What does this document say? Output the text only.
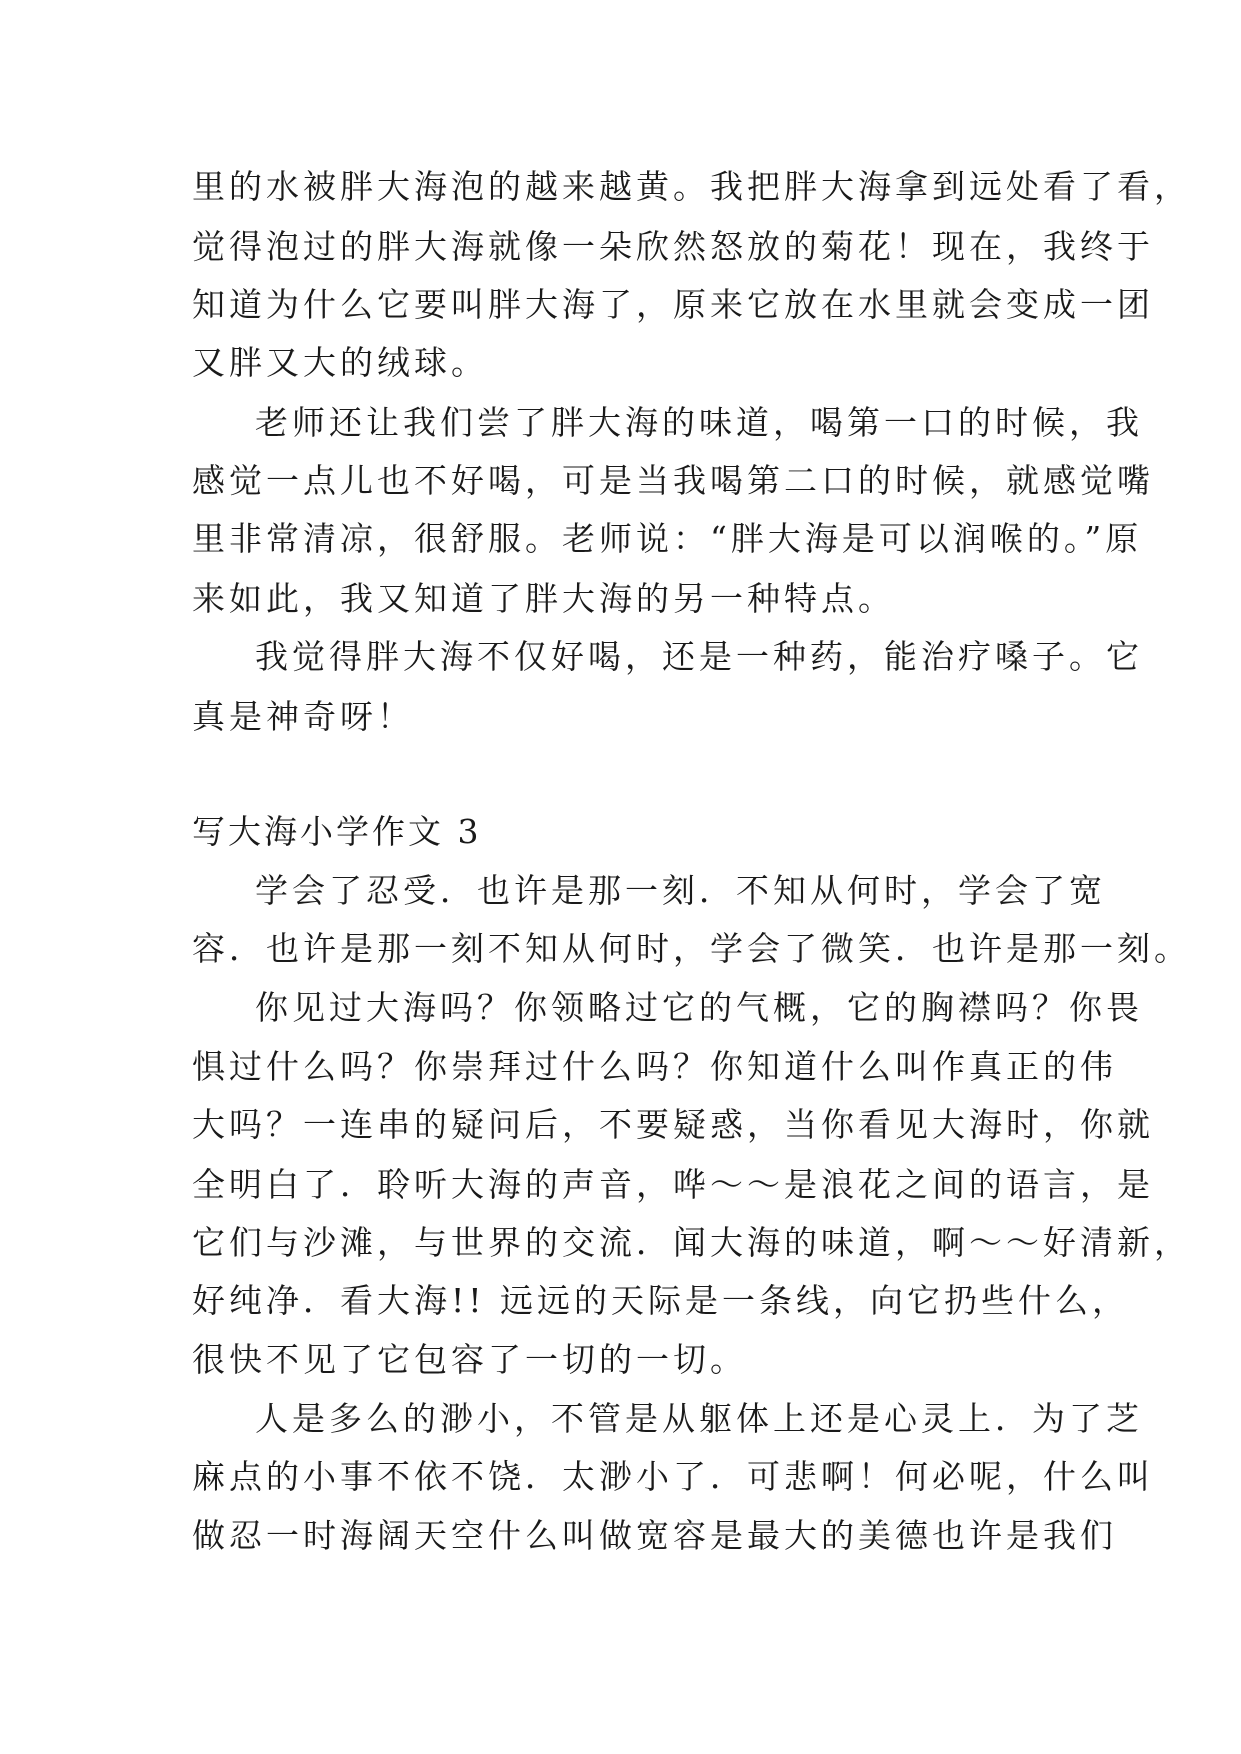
里的水被胖大海泡的越来越黄。我把胖大海拿到远处看了看，
觉得泡过的胖大海就像一朵欣然怒放的菊花！现在，我终于
知道为什么它要叫胖大海了，原来它放在水里就会变成一团
又胖又大的绒球。
老师还让我们尝了胖大海的味道，喝第一口的时候，我
感觉一点儿也不好喝，可是当我喝第二口的时候，就感觉嘴
里非常清凉，很舒服。老师说：“胖大海是可以润喉的。”原
来如此，我又知道了胖大海的另一种特点。
我觉得胖大海不仅好喝，还是一种药，能治疗嗓子。它
真是神奇呀！
写大海小学作文 3
学会了忍受．也许是那一刻．不知从何时，学会了宽
容．也许是那一刻不知从何时，学会了微笑．也许是那一刻。
你见过大海吗？你领略过它的气概，它的胸襟吗？你畏
惧过什么吗？你崇拜过什么吗？你知道什么叫作真正的伟
大吗？一连串的疑问后，不要疑惑，当你看见大海时，你就
全明白了．聆听大海的声音，哗～～是浪花之间的语言，是
它们与沙滩，与世界的交流．闻大海的味道，啊～～好清新，
好纯净．看大海!! 远远的天际是一条线，向它扔些什么，
很快不见了它包容了一切的一切。
人是多么的渺小，不管是从躯体上还是心灵上．为了芝
麻点的小事不依不饶．太渺小了．可悲啊！何必呢，什么叫
做忍一时海阔天空什么叫做宽容是最大的美德也许是我们
